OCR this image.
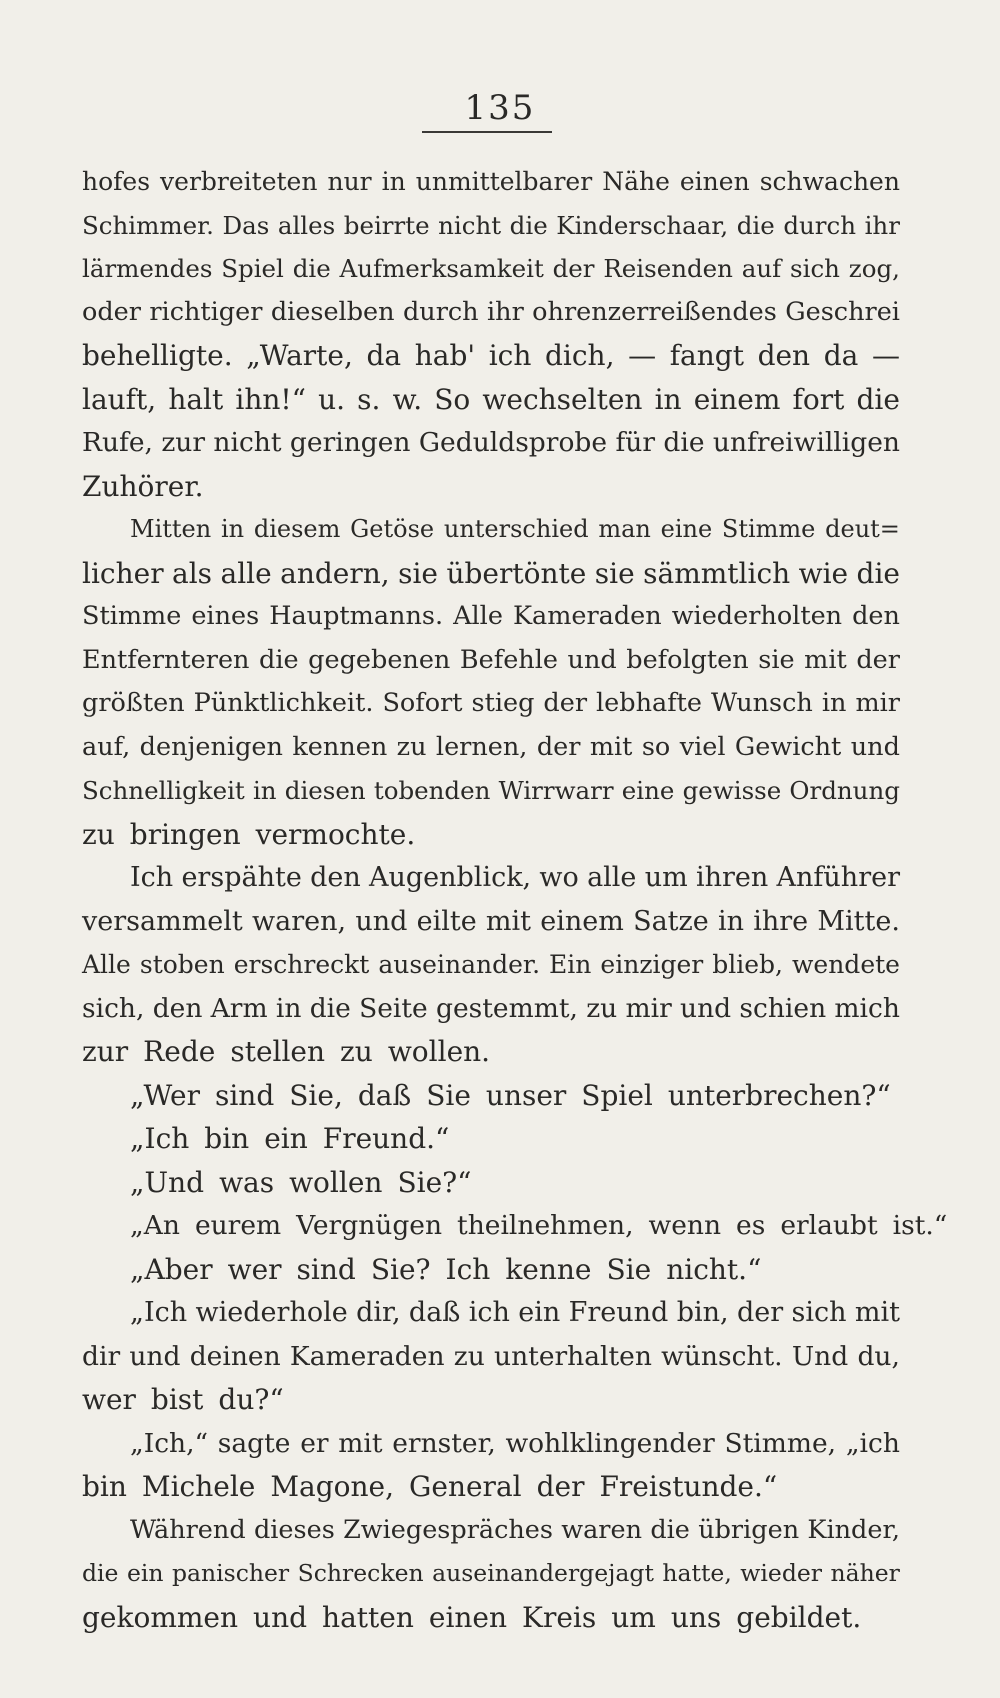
135
hofes verbreiteten nur in unmittelbarer Nähe einen schwachen
Schimmer. Das alles beirrte nicht die Kinderschaar, die durch ihr
lärmendes Spiel die Aufmerksamkeit der Reisenden auf sich zog,
oder richtiger dieselben durch ihr ohrenzerreißendes Geschrei
behelligte. „Warte, da hab' ich dich, — fangt den da —
lauft, halt ihn!“ u. s. w. So wechselten in einem fort die
Rufe, zur nicht geringen Geduldsprobe für die unfreiwilligen
Zuhörer.
Mitten in diesem Getöse unterschied man eine Stimme deut=
licher als alle andern, sie übertönte sie sämmtlich wie die
Stimme eines Hauptmanns. Alle Kameraden wiederholten den
Entfernteren die gegebenen Befehle und befolgten sie mit der
größten Pünktlichkeit. Sofort stieg der lebhafte Wunsch in mir
auf, denjenigen kennen zu lernen, der mit so viel Gewicht und
Schnelligkeit in diesen tobenden Wirrwarr eine gewisse Ordnung
zu bringen vermochte.
Ich erspähte den Augenblick, wo alle um ihren Anführer
versammelt waren, und eilte mit einem Satze in ihre Mitte.
Alle stoben erschreckt auseinander. Ein einziger blieb, wendete
sich, den Arm in die Seite gestemmt, zu mir und schien mich
zur Rede stellen zu wollen.
„Wer sind Sie, daß Sie unser Spiel unterbrechen?“
„Ich bin ein Freund.“
„Und was wollen Sie?“
„An eurem Vergnügen theilnehmen, wenn es erlaubt ist.“
„Aber wer sind Sie? Ich kenne Sie nicht.“
„Ich wiederhole dir, daß ich ein Freund bin, der sich mit
dir und deinen Kameraden zu unterhalten wünscht. Und du,
wer bist du?“
„Ich,“ sagte er mit ernster, wohlklingender Stimme, „ich
bin Michele Magone, General der Freistunde.“
Während dieses Zwiegespräches waren die übrigen Kinder,
die ein panischer Schrecken auseinandergejagt hatte, wieder näher
gekommen und hatten einen Kreis um uns gebildet.
